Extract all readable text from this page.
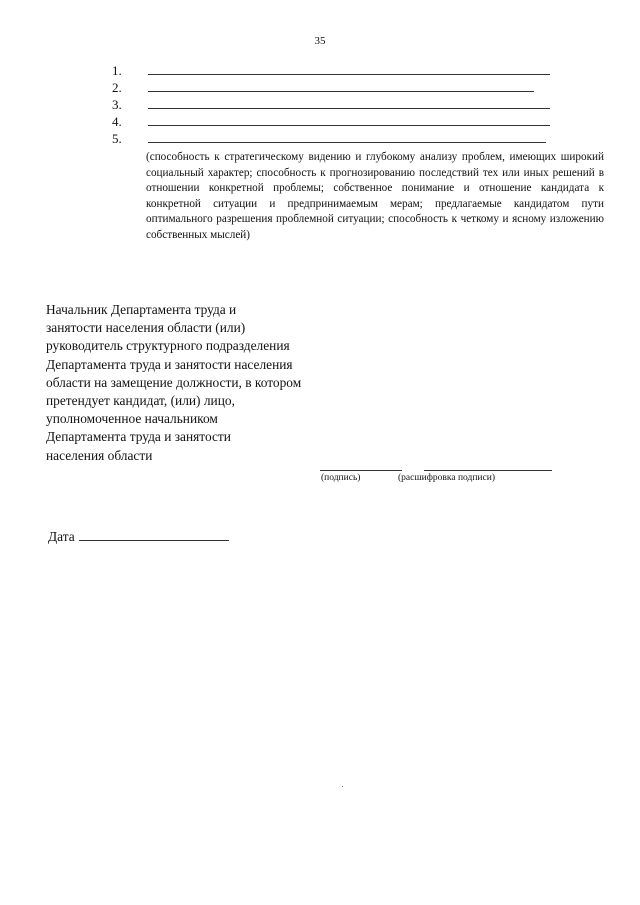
35
1.
2.
3.
4.
5.

(способность к стратегическому видению и глубокому анализу проблем, имеющих широкий социальный характер; способность к прогнозированию последствий тех или иных решений в отношении конкретной проблемы; собственное понимание и отношение кандидата к конкретной ситуации и предпринимаемым мерам; предлагаемые кандидатом пути оптимального разрешения проблемной ситуации; способность к четкому и ясному изложению собственных мыслей)

Начальник Департамента труда и
занятости населения области (или)
руководитель структурного подразделения
Департамента труда и занятости населения
области на замещение должности, в котором
претендует кандидат, (или) лицо,
уполномоченное начальником
Департамента труда и занятости
населения области
(подпись)	(расшифровка подписи)
Дата
